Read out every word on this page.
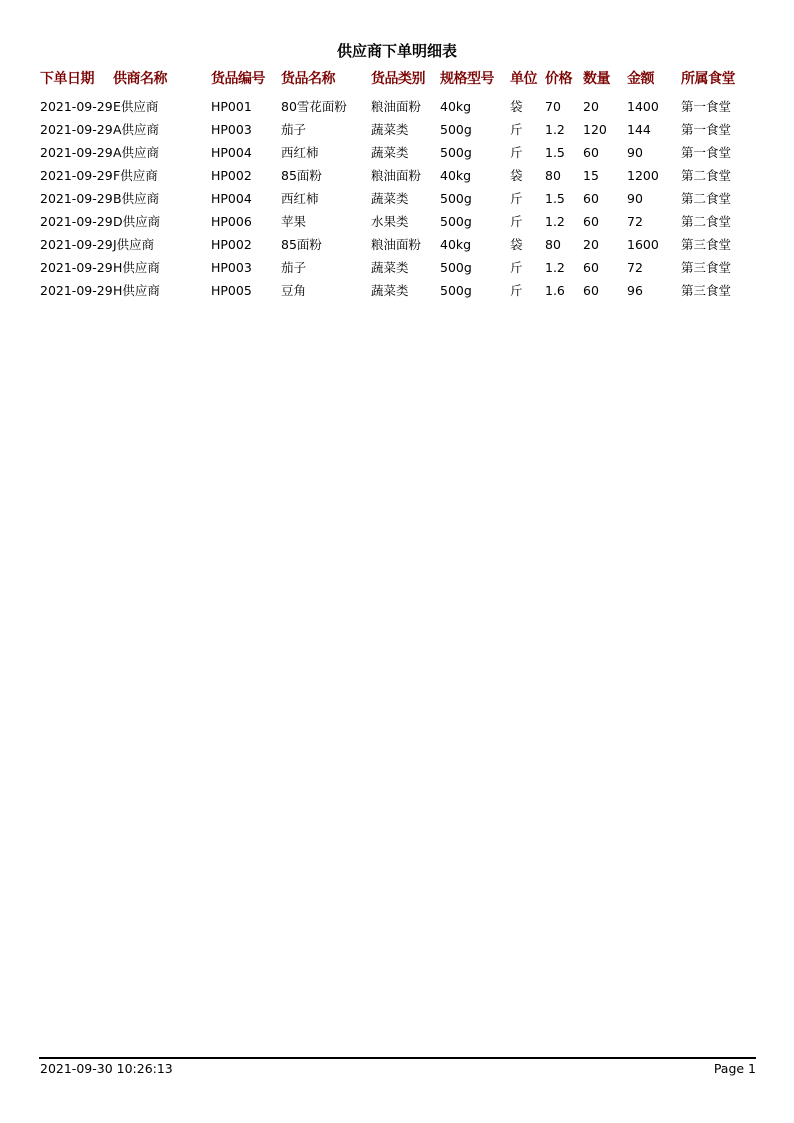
供应商下单明细表
下单日期	供商名称	货品编号	货品名称	货品类别	规格型号	单位 价格 数量	金额	所属食堂
2021-09-29 E供应商	HP001	80雪花面粉	粮油面粉	40kg	袋	70	20	1400	第一食堂
2021-09-29 A供应商	HP003	茄子	蔬菜类	500g	斤	1.2	120	144	第一食堂
2021-09-29 A供应商	HP004	西红柿	蔬菜类	500g	斤	1.5	60	90	第一食堂
2021-09-29 F供应商	HP002	85面粉	粮油面粉	40kg	袋	80	15	1200	第二食堂
2021-09-29 B供应商	HP004	西红柿	蔬菜类	500g	斤	1.5	60	90	第二食堂
2021-09-29 D供应商	HP006	苹果	水果类	500g	斤	1.2	60	72	第二食堂
2021-09-29 J供应商	HP002	85面粉	粮油面粉	40kg	袋	80	20	1600	第三食堂
2021-09-29 H供应商	HP003	茄子	蔬菜类	500g	斤	1.2	60	72	第三食堂
2021-09-29 H供应商	HP005	豆角	蔬菜类	500g	斤	1.6	60	96	第三食堂
2021-09-30 10:26:13	Page 1
